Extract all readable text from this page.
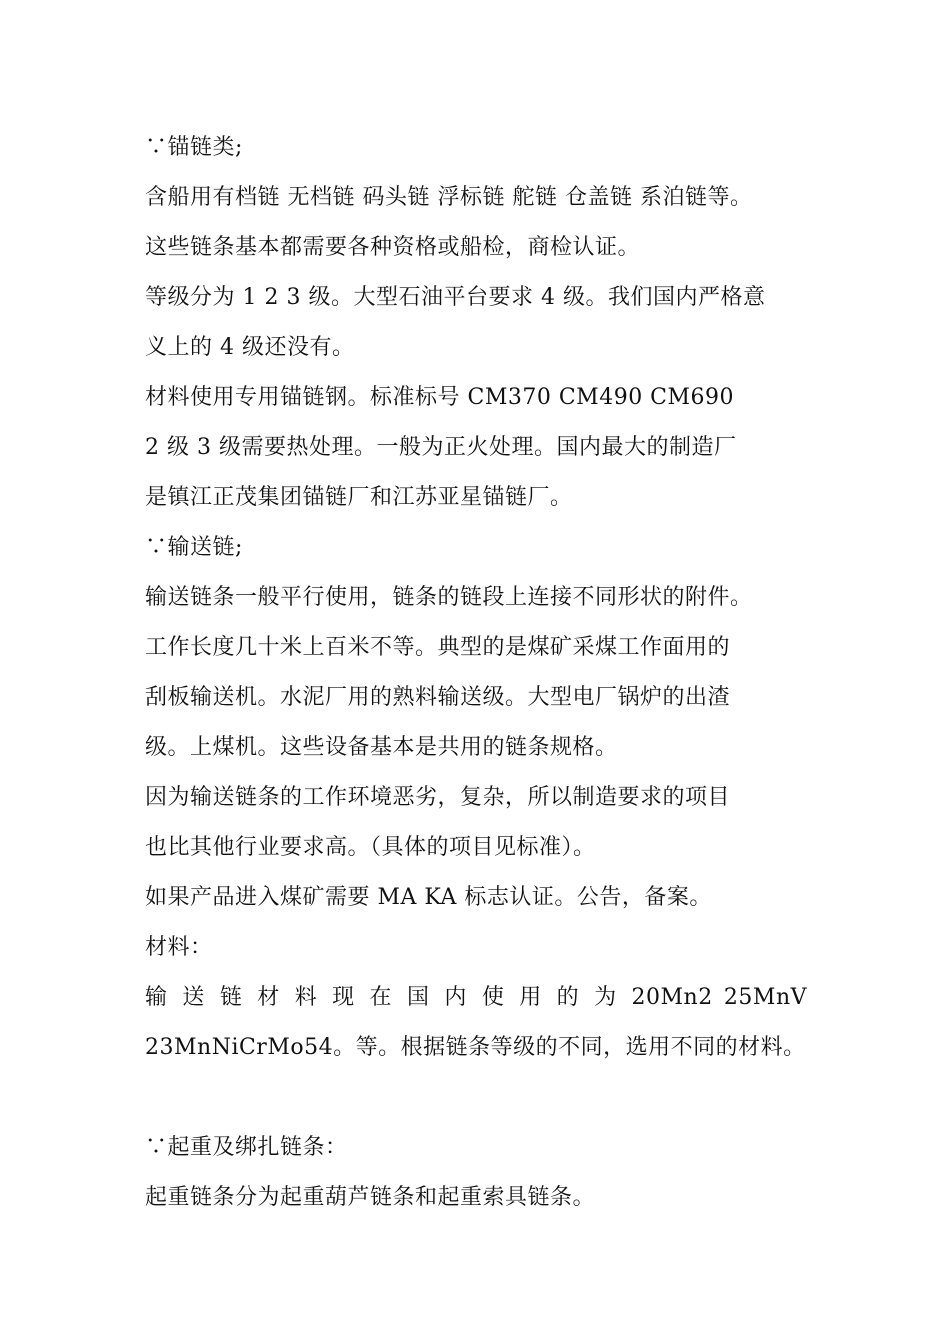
∵锚链类;
含船用有档链 无档链 码头链 浮标链 舵链 仓盖链 系泊链等。
这些链条基本都需要各种资格或船检，商检认证。
等级分为 1 2 3 级。大型石油平台要求 4 级。我们国内严格意
义上的 4 级还没有。
材料使用专用锚链钢。标准标号 CM370 CM490 CM690
2 级 3 级需要热处理。一般为正火处理。国内最大的制造厂
是镇江正茂集团锚链厂和江苏亚星锚链厂。
∵输送链;
输送链条一般平行使用，链条的链段上连接不同形状的附件。
工作长度几十米上百米不等。典型的是煤矿采煤工作面用的
刮板输送机。水泥厂用的熟料输送级。大型电厂锅炉的出渣
级。上煤机。这些设备基本是共用的链条规格。
因为输送链条的工作环境恶劣，复杂，所以制造要求的项目
也比其他行业要求高。（具体的项目见标准）。
如果产品进入煤矿需要 MA KA 标志认证。公告，备案。
材料：
输 送 链 材 料 现 在 国 内 使 用 的 为 20Mn2 25MnV
23MnNiCrMo54。等。根据链条等级的不同，选用不同的材料。
∵起重及绑扎链条：
起重链条分为起重葫芦链条和起重索具链条。
